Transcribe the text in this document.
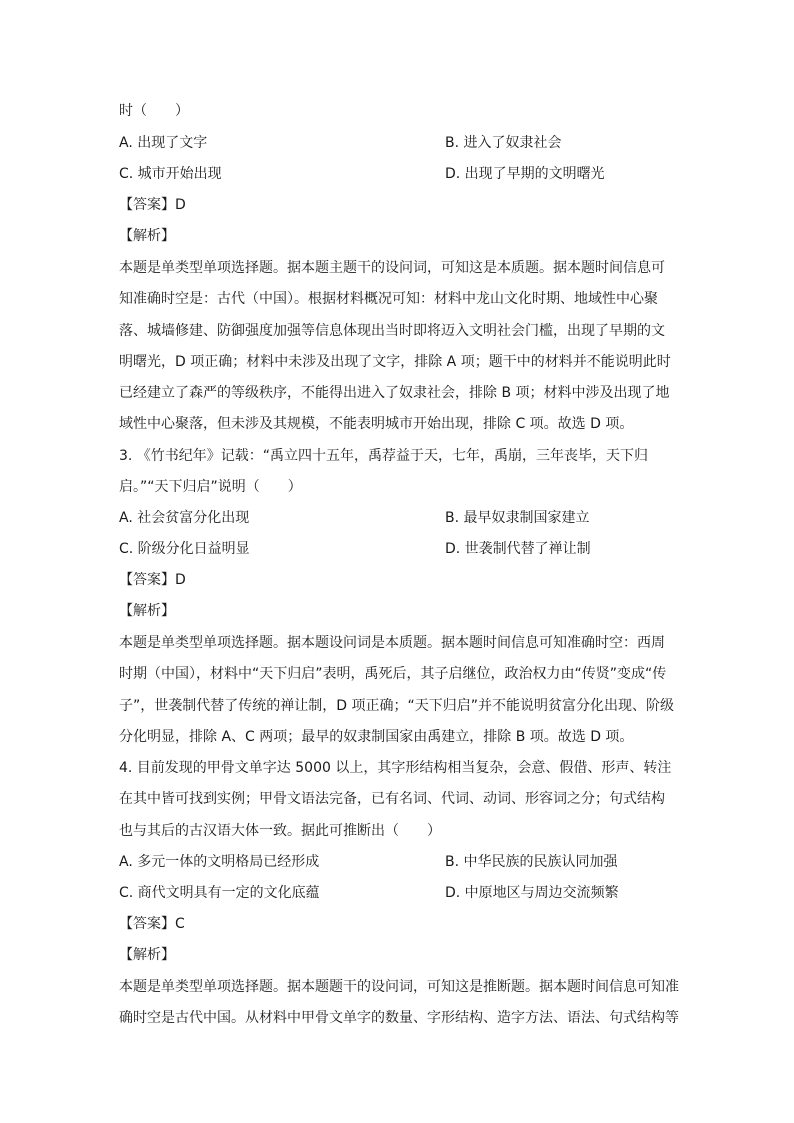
时（　　）
A. 出现了文字	B. 进入了奴隶社会
C. 城市开始出现	D. 出现了早期的文明曙光
【答案】D
【解析】
本题是单类型单项选择题。据本题主题干的设问词，可知这是本质题。据本题时间信息可
知准确时空是：古代（中国）。根据材料概况可知：材料中龙山文化时期、地域性中心聚
落、城墙修建、防御强度加强等信息体现出当时即将迈入文明社会门槛，出现了早期的文
明曙光，D 项正确；材料中未涉及出现了文字，排除 A 项；题干中的材料并不能说明此时
已经建立了森严的等级秩序，不能得出进入了奴隶社会，排除 B 项；材料中涉及出现了地
域性中心聚落，但未涉及其规模，不能表明城市开始出现，排除 C 项。故选 D 项。
3. 《竹书纪年》记载：“禹立四十五年，禹荐益于天，七年，禹崩，三年丧毕，天下归
启。”“天下归启”说明（　　）
A. 社会贫富分化出现	B. 最早奴隶制国家建立
C. 阶级分化日益明显	D. 世袭制代替了禅让制
【答案】D
【解析】
本题是单类型单项选择题。据本题设问词是本质题。据本题时间信息可知准确时空：西周
时期（中国），材料中“天下归启”表明，禹死后，其子启继位，政治权力由“传贤”变成“传
子”，世袭制代替了传统的禅让制，D 项正确；“天下归启”并不能说明贫富分化出现、阶级
分化明显，排除 A、C 两项；最早的奴隶制国家由禹建立，排除 B 项。故选 D 项。
4. 目前发现的甲骨文单字达 5000 以上，其字形结构相当复杂，会意、假借、形声、转注
在其中皆可找到实例；甲骨文语法完备，已有名词、代词、动词、形容词之分；句式结构
也与其后的古汉语大体一致。据此可推断出（　　）
A. 多元一体的文明格局已经形成	B. 中华民族的民族认同加强
C. 商代文明具有一定的文化底蕴	D. 中原地区与周边交流频繁
【答案】C
【解析】
本题是单类型单项选择题。据本题题干的设问词，可知这是推断题。据本题时间信息可知准
确时空是古代中国。从材料中甲骨文单字的数量、字形结构、造字方法、语法、句式结构等
